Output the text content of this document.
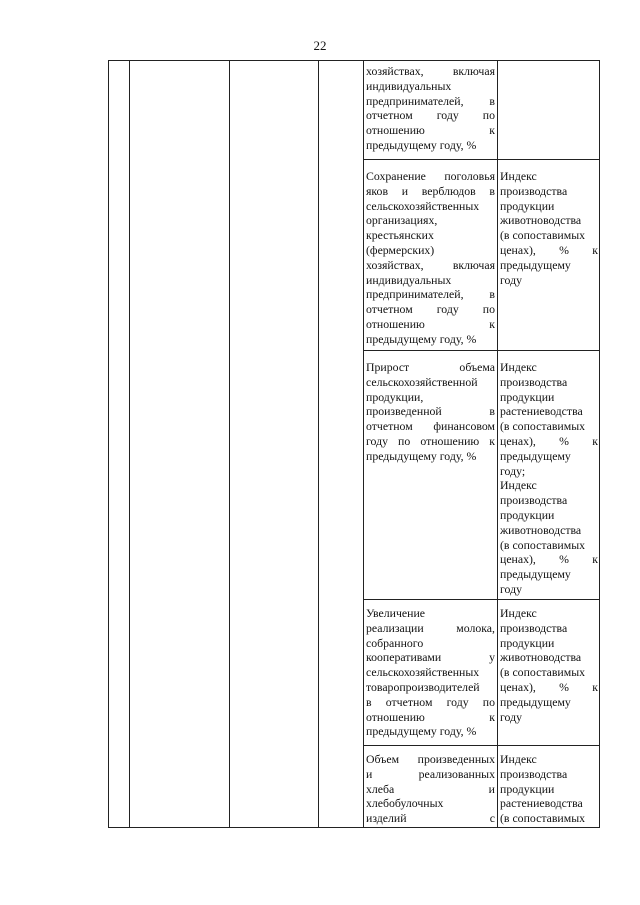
22
хозяйствах, включая
индивидуальных
предпринимателей, в
отчетном году по
отношению к
предыдущему году, %
Сохранение поголовья
яков и верблюдов в
сельскохозяйственных
организациях,
крестьянских
(фермерских)
хозяйствах, включая
индивидуальных
предпринимателей, в
отчетном году по
отношению к
предыдущему году, %
Индекс
производства
продукции
животноводства
(в сопоставимых
ценах), % к
предыдущему
году
Прирост объема
сельскохозяйственной
продукции,
произведенной в
отчетном финансовом
году по отношению к
предыдущему году, %
Индекс
производства
продукции
растениеводства
(в сопоставимых
ценах), % к
предыдущему
году;
Индекс
производства
продукции
животноводства
(в сопоставимых
ценах), % к
предыдущему
году
Увеличение
реализации молока,
собранного
кооперативами у
сельскохозяйственных
товаропроизводителей
в отчетном году по
отношению к
предыдущему году, %
Индекс
производства
продукции
животноводства
(в сопоставимых
ценах), % к
предыдущему
году
Объем произведенных
и реализованных
хлеба и
хлебобулочных
изделий с
Индекс
производства
продукции
растениеводства
(в сопоставимых
